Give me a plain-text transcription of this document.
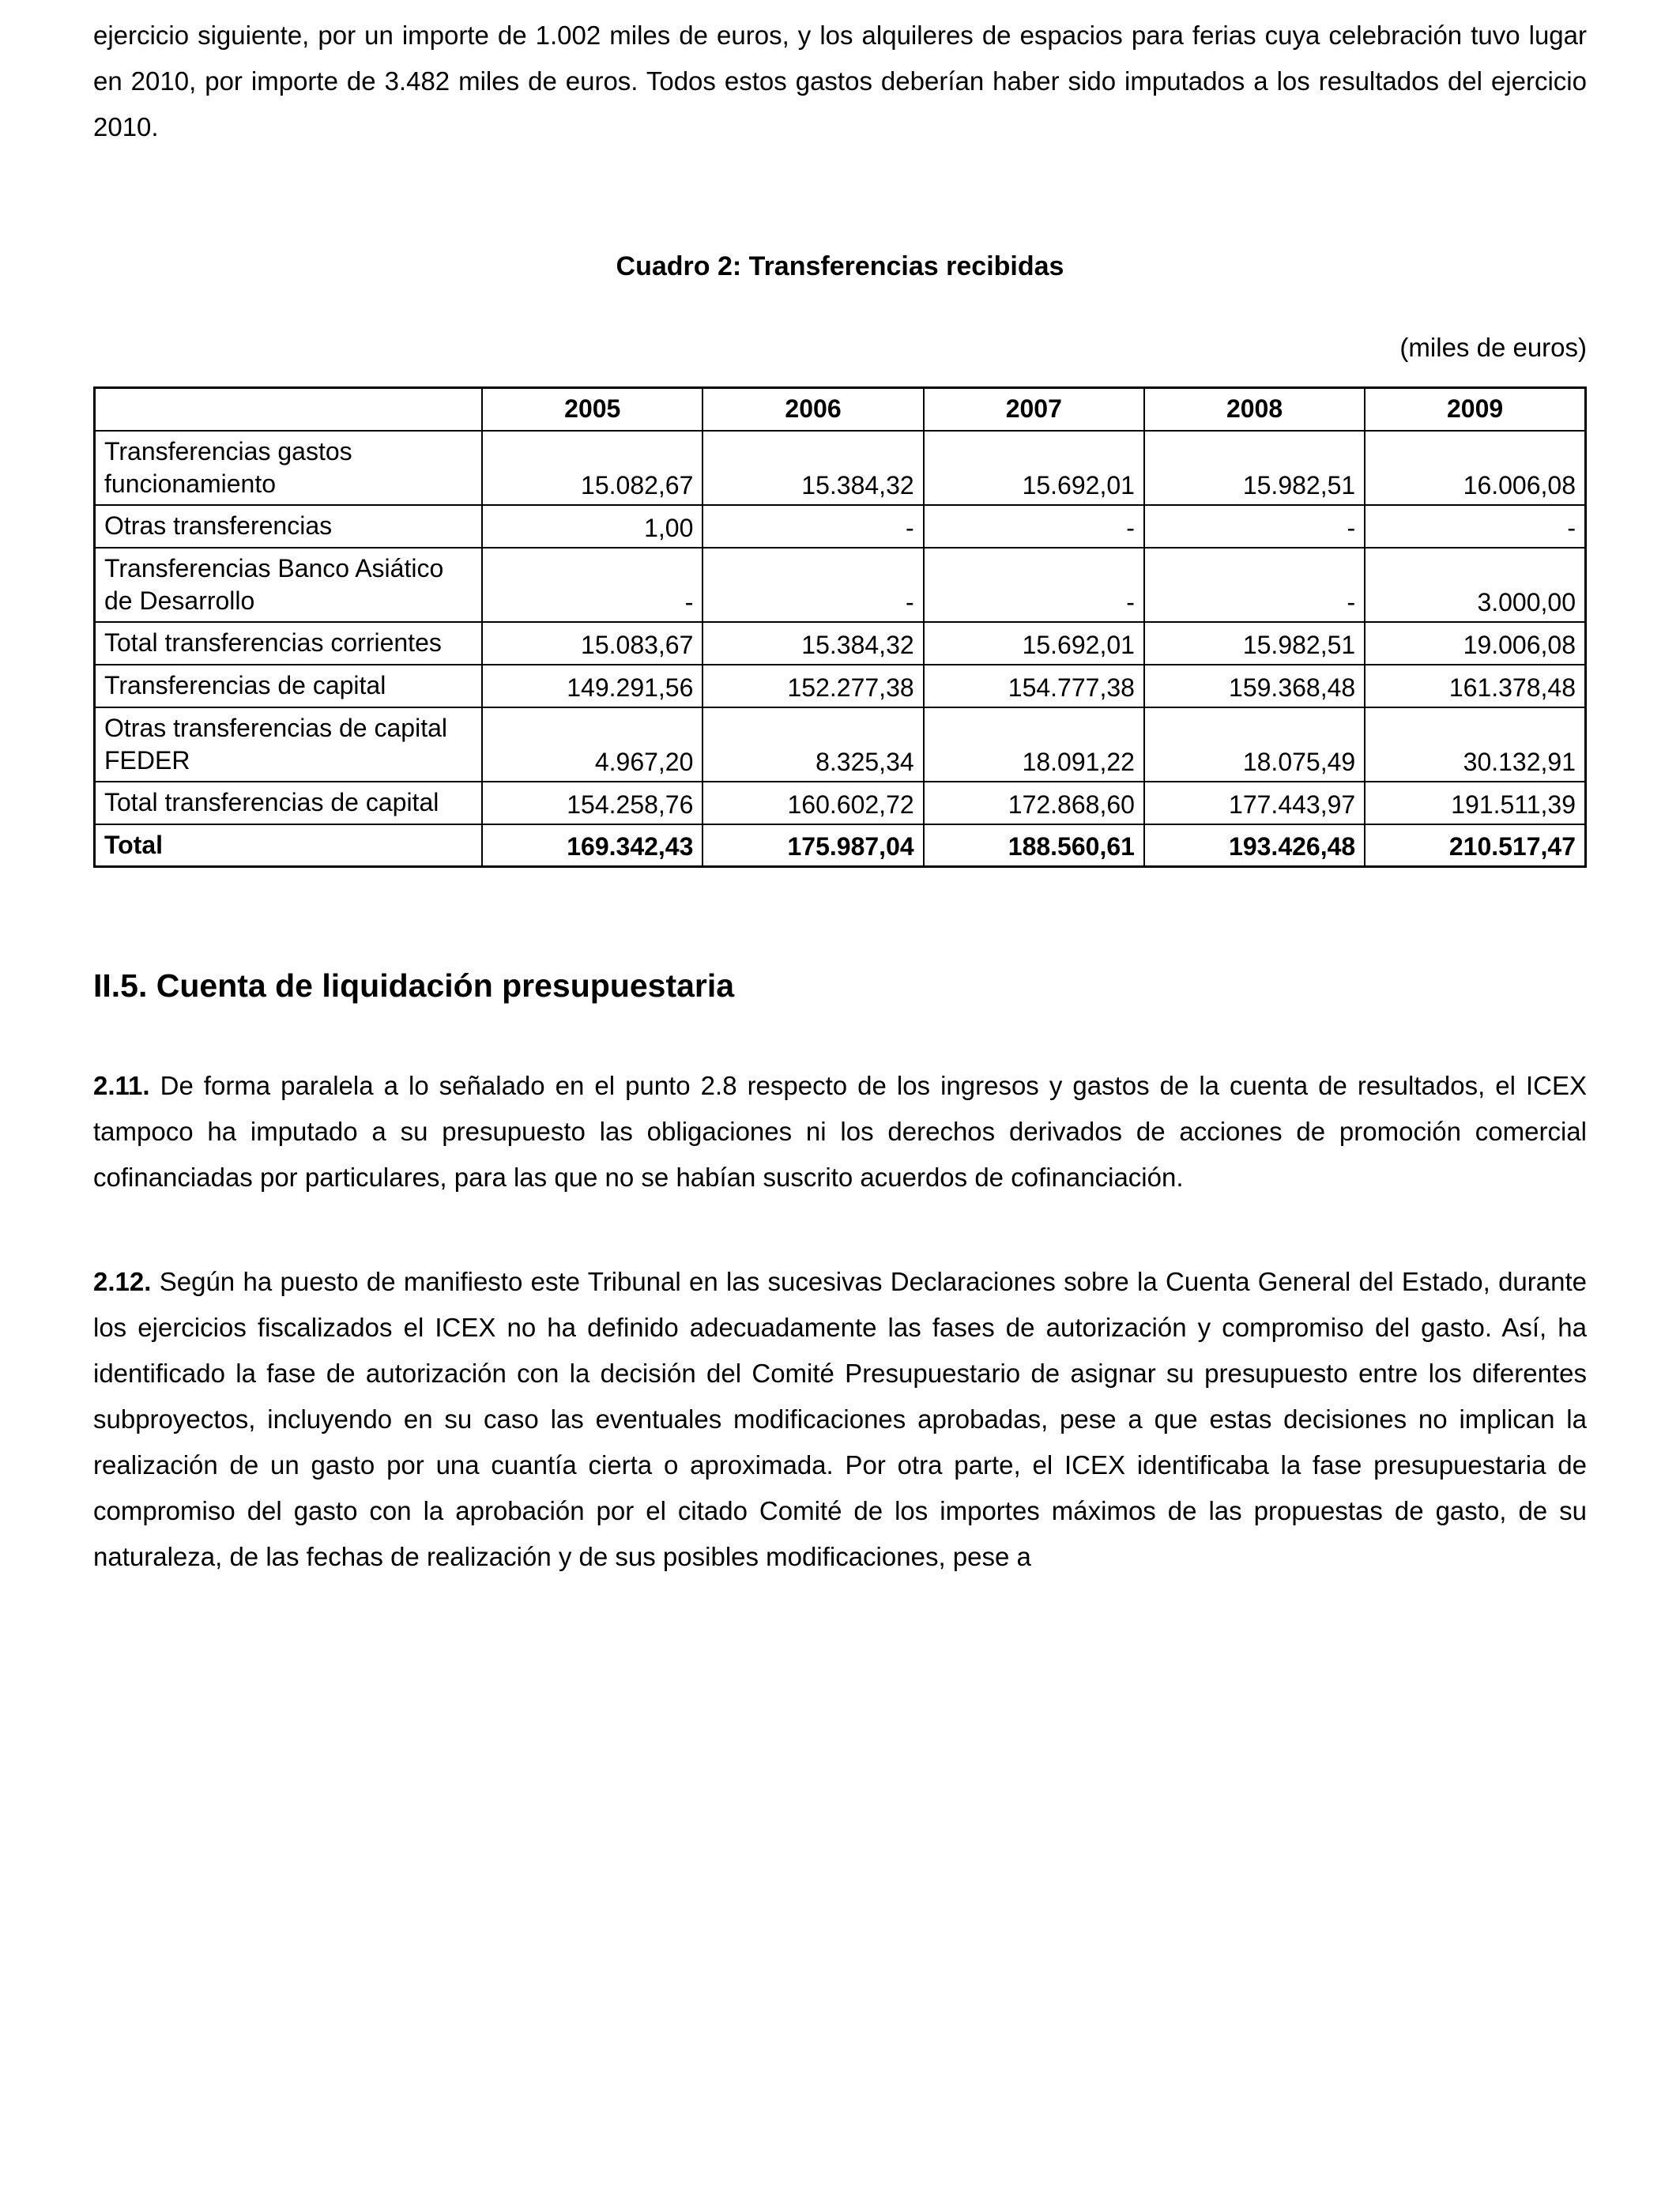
ejercicio siguiente, por un importe de 1.002 miles de euros, y los alquileres de espacios para ferias cuya celebración tuvo lugar en 2010, por importe de 3.482 miles de euros. Todos estos gastos deberían haber sido imputados a los resultados del ejercicio 2010.

Cuadro 2: Transferencias recibidas

(miles de euros)

	2005	2006	2007	2008	2009
Transferencias gastos funcionamiento	15.082,67	15.384,32	15.692,01	15.982,51	16.006,08
Otras transferencias	1,00	-	-	-	-
Transferencias Banco Asiático de Desarrollo	-	-	-	-	3.000,00
Total transferencias corrientes	15.083,67	15.384,32	15.692,01	15.982,51	19.006,08
Transferencias de capital	149.291,56	152.277,38	154.777,38	159.368,48	161.378,48
Otras transferencias de capital FEDER	4.967,20	8.325,34	18.091,22	18.075,49	30.132,91
Total transferencias de capital	154.258,76	160.602,72	172.868,60	177.443,97	191.511,39
Total	169.342,43	175.987,04	188.560,61	193.426,48	210.517,47
II.5. Cuenta de liquidación presupuestaria

2.11. De forma paralela a lo señalado en el punto 2.8 respecto de los ingresos y gastos de la cuenta de resultados, el ICEX tampoco ha imputado a su presupuesto las obligaciones ni los derechos derivados de acciones de promoción comercial cofinanciadas por particulares, para las que no se habían suscrito acuerdos de cofinanciación.

2.12. Según ha puesto de manifiesto este Tribunal en las sucesivas Declaraciones sobre la Cuenta General del Estado, durante los ejercicios fiscalizados el ICEX no ha definido adecuadamente las fases de autorización y compromiso del gasto. Así, ha identificado la fase de autorización con la decisión del Comité Presupuestario de asignar su presupuesto entre los diferentes subproyectos, incluyendo en su caso las eventuales modificaciones aprobadas, pese a que estas decisiones no implican la realización de un gasto por una cuantía cierta o aproximada. Por otra parte, el ICEX identificaba la fase presupuestaria de compromiso del gasto con la aprobación por el citado Comité de los importes máximos de las propuestas de gasto, de su naturaleza, de las fechas de realización y de sus posibles modificaciones, pese a
